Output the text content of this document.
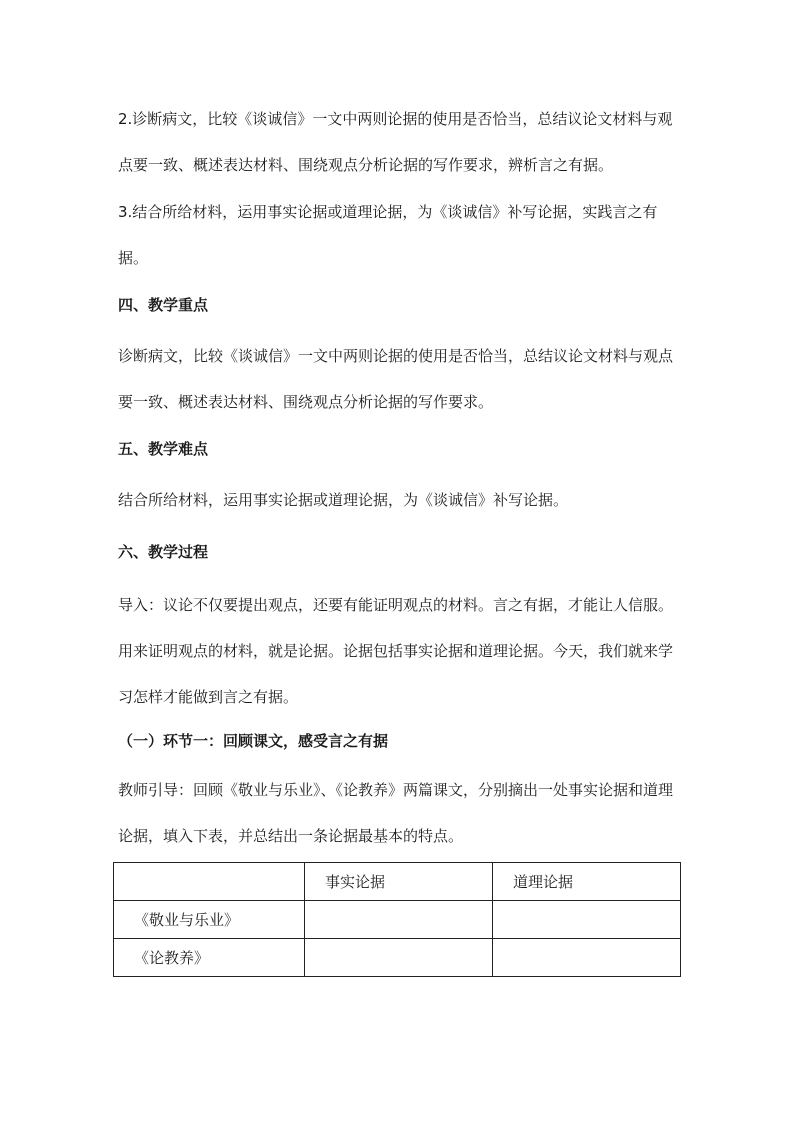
2.诊断病文，比较《谈诚信》一文中两则论据的使用是否恰当，总结议论文材料与观点要一致、概述表达材料、围绕观点分析论据的写作要求，辨析言之有据。

3.结合所给材料，运用事实论据或道理论据，为《谈诚信》补写论据，实践言之有据。

四、教学重点

诊断病文，比较《谈诚信》一文中两则论据的使用是否恰当，总结议论文材料与观点要一致、概述表达材料、围绕观点分析论据的写作要求。

五、教学难点

结合所给材料，运用事实论据或道理论据，为《谈诚信》补写论据。

六、教学过程

导入：议论不仅要提出观点，还要有能证明观点的材料。言之有据，才能让人信服。用来证明观点的材料，就是论据。论据包括事实论据和道理论据。今天，我们就来学习怎样才能做到言之有据。

（一）环节一：回顾课文，感受言之有据

教师引导：回顾《敬业与乐业》、《论教养》两篇课文，分别摘出一处事实论据和道理论据，填入下表，并总结出一条论据最基本的特点。

	事实论据	道理论据
《敬业与乐业》		
《论教养》		
